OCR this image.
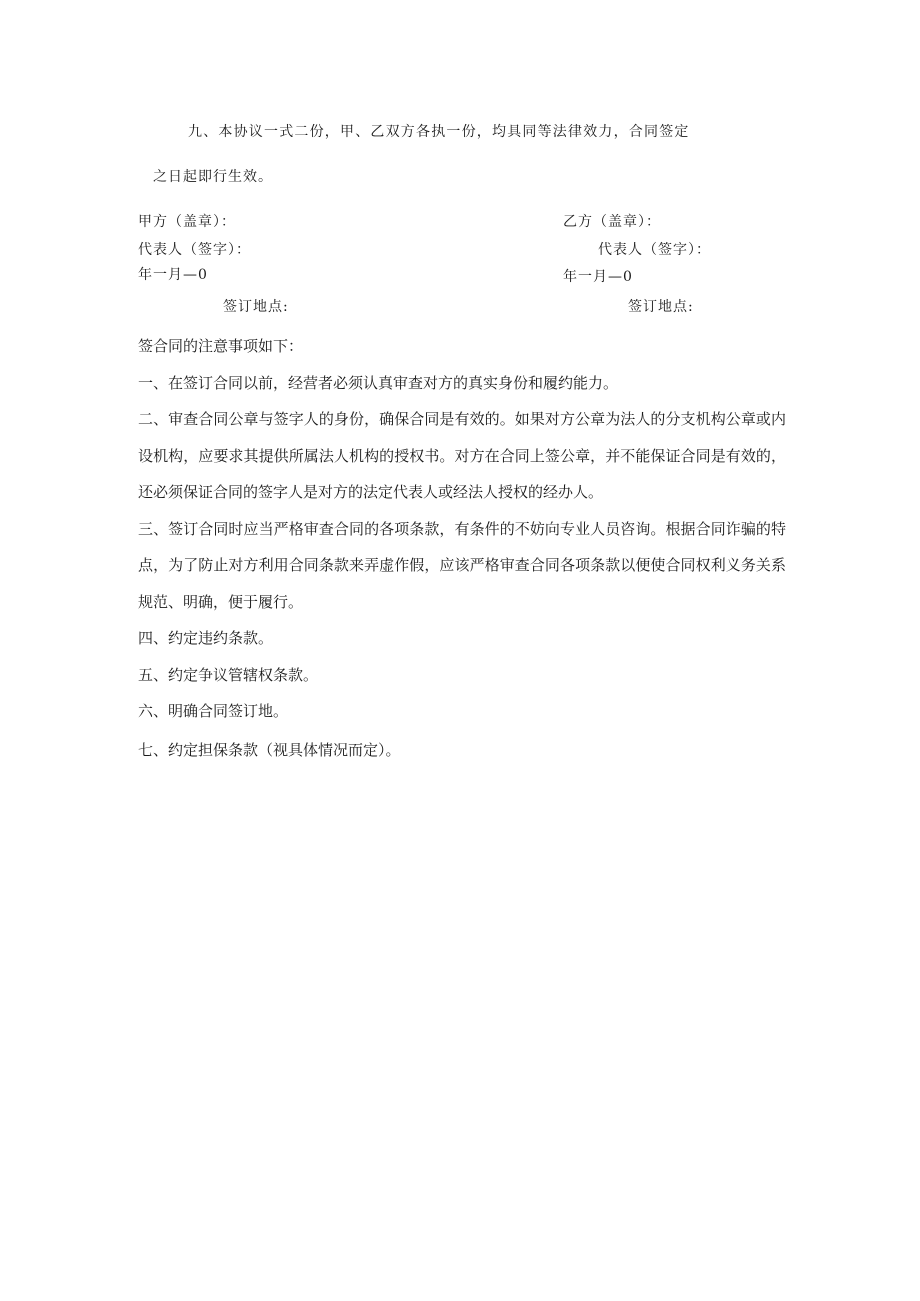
九、本协议一式二份，甲、乙双方各执一份，均具同等法律效力，合同签定
之日起即行生效。
甲方（盖章）：
代表人（签字）：
年一月—0
签订地点:
乙方（盖章）：
代表人（签字）：
年一月—0
签订地点:

签合同的注意事项如下：

一、在签订合同以前，经营者必须认真审查对方的真实身份和履约能力。

二、审查合同公章与签字人的身份，确保合同是有效的。如果对方公章为法人的分支机构公章或内设机构，应要求其提供所属法人机构的授权书。对方在合同上签公章，并不能保证合同是有效的，还必须保证合同的签字人是对方的法定代表人或经法人授权的经办人。

三、签订合同时应当严格审查合同的各项条款，有条件的不妨向专业人员咨询。根据合同诈骗的特点，为了防止对方利用合同条款来弄虚作假，应该严格审查合同各项条款以便使合同权利义务关系规范、明确，便于履行。

四、约定违约条款。

五、约定争议管辖权条款。

六、明确合同签订地。

七、约定担保条款（视具体情况而定）。
